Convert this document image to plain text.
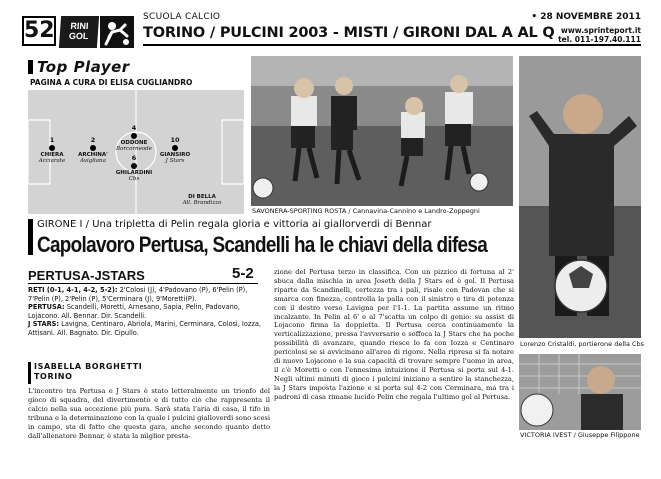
52	RINI GOL
SCUOLA CALCIO
TORINO / PULCINI 2003 - MISTI / GIRONI DAL A AL Q
• 28 NOVEMBRE 2011
www.sprinteport.it
tel. 011-197.40.111
Top Player
PAGINA A CURA DI ELISA CUGLIANDRO
1
CHIERA
Acciarate
2
ARCHINA'
Avigliana
4
ODDONE
Borcorneode
6
GHILARDINI
Cbs
10
GIANSIRO
J Stars
DI BELLA
All. Brandizzo
SAVONERA-SPORTING ROSTA / Cannavina-Cannino e Landro-Zoppegni
Lorenzo Cristaldi, portierone della Cbs
VICTORIA IVEST / Giuseppe Filippone
GIRONE I / Una tripletta di Pelin regala gloria e vittoria ai giallorverdi di Bennar
Capolavoro Pertusa, Scandelli ha le chiavi della difesa
PERTUSA-JSTARS	5-2
RETI (0-1, 4-1, 4-2, 5-2): 2'Colosi (J), 4'Padovano (P), 6'Pelin (P), 7'Pelin (P), 2'Pelin (P), 5'Cerminara (J), 9'Moretti(P).
PERTUSA: Scandelli, Moretti, Arnesano, Sapia, Pelin, Padovano, Lojacono. All. Bennar. Dir. Scandelli.
J STARS: Lavigna, Centinaro, Abriola, Marini, Cerminara, Colosi, Iozza, Attisani. All. Bagnato. Dir. Cipullo.
ISABELLA BORGHETTI
TORINO
L'incontro tra Pertusa e J Stars è stato letteralmente un trionfo del gioco di squadra, del divertimento e di tutto ciò che rappresenta il calcio nella sua accezione più pura. Sarà stata l'aria di casa, il tifo in tribuna e la determinazione con la quale i pulcini gialloverdi sono scesi in campo, sta di fatto che questa gara, anche secondo quanto detto dall'allenatore Bennar, è stata la miglior presta-
zione del Pertusa terzo in classifica. Con un pizzico di fortuna al 2' sbuca dalla mischia in area Joseth della J Stars ed è gol. Il Pertusa riparte da Scandinelli, certezza tra i pali, risale con Padovan che si smarca con finezza, controlla la palla con il sinistro e tira di potenza con il destro verso Lavigna per l'1-1. La partita assume un ritmo incalzante. In Pelin al 6' e al 7'scatta un colpo di genio: su assist di Lojacono firma la doppietta. Il Pertusa cerca continuamente la verticalizzazione, pressa l'avversario e soffoca la J Stars che ha poche possibilità di avanzare, quando riesce lo fa con Iozza e Centinaro pericolosi se si avvicinano all'area di rigore. Nella ripresa si fa notare di nuovo Lojacono e la sua capacità di trovare sempre l'uomo in area, il c'è Moretti e con l'ennesima intuizione il Pertusa si porta sul 4-1. Negli ultimi minuti di gioco i pulcini iniziano a sentire la stanchezza, la J Stars imposta l'azione e si porta sul 4-2 con Cerminara, ma tra i padroni di casa rimane lucido Pelin che regala l'ultimo gol al Pertusa.
